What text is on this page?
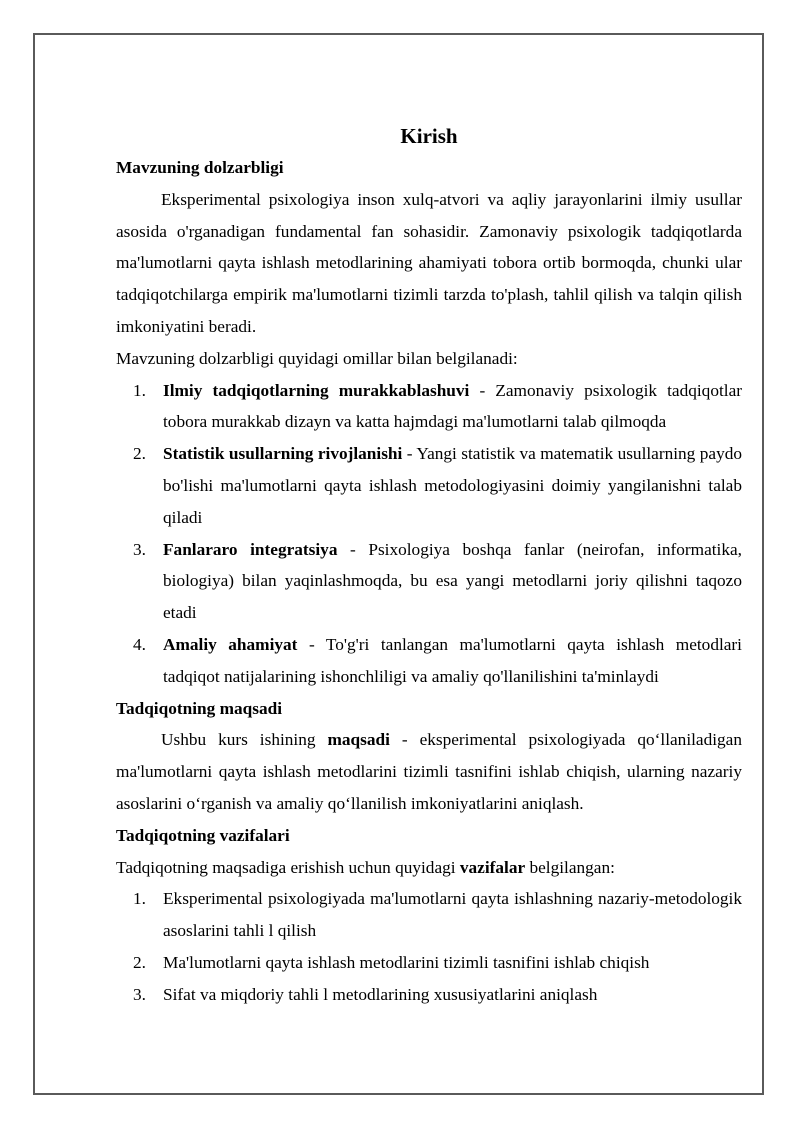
Kirish

Mavzuning dolzarbligi

Eksperimental psixologiya inson xulq-atvori va aqliy jarayonlarini ilmiy usullar asosida o'rganadigan fundamental fan sohasidir. Zamonaviy psixologik tadqiqotlarda ma'lumotlarni qayta ishlash metodlarining ahamiyati tobora ortib bormoqda, chunki ular tadqiqotchilarga empirik ma'lumotlarni tizimli tarzda to'plash, tahlil qilish va talqin qilish imkoniyatini beradi.

Mavzuning dolzarbligi quyidagi omillar bilan belgilanadi:

1. Ilmiy tadqiqotlarning murakkablashuvi - Zamonaviy psixologik tadqiqotlar tobora murakkab dizayn va katta hajmdagi ma'lumotlarni talab qilmoqda
2. Statistik usullarning rivojlanishi - Yangi statistik va matematik usullarning paydo bo'lishi ma'lumotlarni qayta ishlash metodologiyasini doimiy yangilanishni talab qiladi
3. Fanlararo integratsiya - Psixologiya boshqa fanlar (neirofan, informatika, biologiya) bilan yaqinlashmoqda, bu esa yangi metodlarni joriy qilishni taqozo etadi
4. Amaliy ahamiyat - To'g'ri tanlangan ma'lumotlarni qayta ishlash metodlari tadqiqot natijalarining ishonchliligi va amaliy qo'llanilishini ta'minlaydi

Tadqiqotning maqsadi

Ushbu kurs ishining maqsadi - eksperimental psixologiyada qo‘llaniladigan ma'lumotlarni qayta ishlash metodlarini tizimli tasnifini ishlab chiqish, ularning nazariy asoslarini o‘rganish va amaliy qo‘llanilish imkoniyatlarini aniqlash.

Tadqiqotning vazifalari

Tadqiqotning maqsadiga erishish uchun quyidagi vazifalar belgilangan:

1. Eksperimental psixologiyada ma'lumotlarni qayta ishlashning nazariy-metodologik asoslarini tahli l qilish
2. Ma'lumotlarni qayta ishlash metodlarini tizimli tasnifini ishlab chiqish
3. Sifat va miqdoriy tahli l metodlarining xususiyatlarini aniqlash
